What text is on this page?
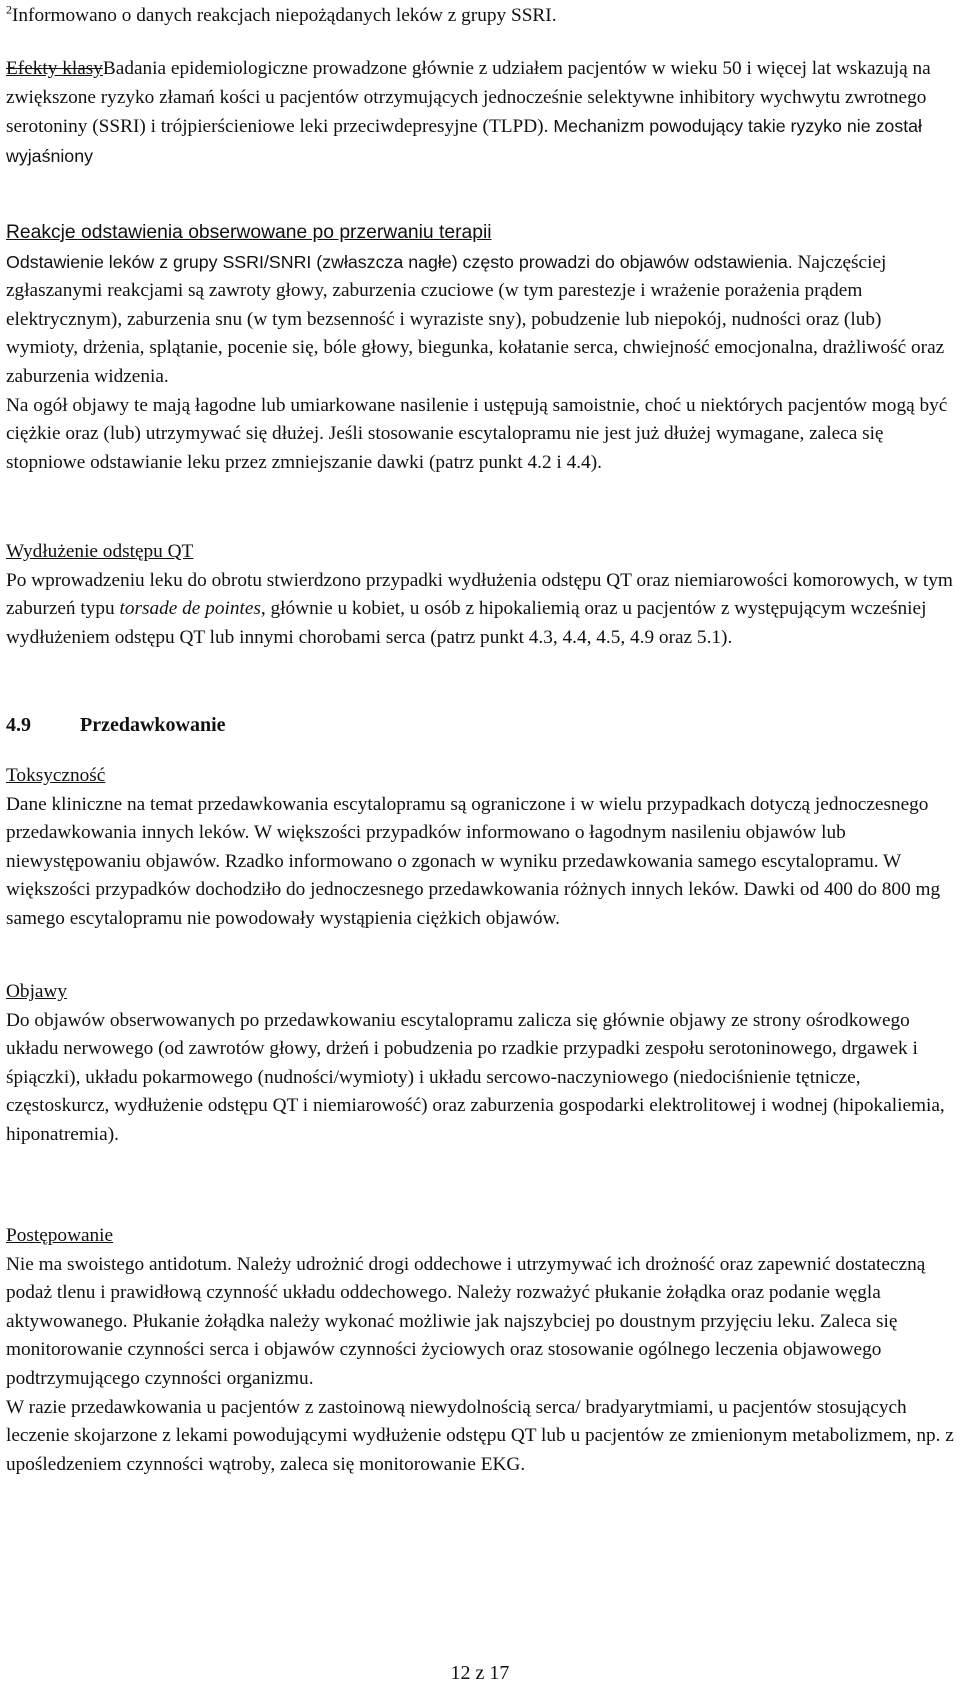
$^2$Informowano o danych reakcjach niepożądanych leków z grupy SSRI.

Efekty klasyBadania epidemiologiczne prowadzone głównie z udziałem pacjentów w wieku 50 i więcej lat wskazują na zwiększone ryzyko złamań kości u pacjentów otrzymujących jednocześnie selektywne inhibitory wychwytu zwrotnego serotoniny (SSRI) i trójpierścieniowe leki przeciwdepresyjne (TLPD). Mechanizm powodujący takie ryzyko nie został wyjaśniony

Reakcje odstawienia obserwowane po przerwaniu terapii
Odstawienie leków z grupy SSRI/SNRI (zwłaszcza nagłe) często prowadzi do objawów odstawienia. Najczęściej zgłaszanymi reakcjami są zawroty głowy, zaburzenia czuciowe (w tym parestezje i wrażenie porażenia prądem elektrycznym), zaburzenia snu (w tym bezsenność i wyraziste sny), pobudzenie lub niepokój, nudności oraz (lub) wymioty, drżenia, splątanie, pocenie się, bóle głowy, biegunka, kołatanie serca, chwiejność emocjonalna, drażliwość oraz zaburzenia widzenia.
Na ogół objawy te mają łagodne lub umiarkowane nasilenie i ustępują samoistnie, choć u niektórych pacjentów mogą być ciężkie oraz (lub) utrzymywać się dłużej. Jeśli stosowanie escytalopramu nie jest już dłużej wymagane, zaleca się stopniowe odstawianie leku przez zmniejszanie dawki (patrz punkt 4.2 i 4.4).

Wydłużenie odstępu QT
Po wprowadzeniu leku do obrotu stwierdzono przypadki wydłużenia odstępu QT oraz niemiarowości komorowych, w tym zaburzeń typu torsade de pointes, głównie u kobiet, u osób z hipokaliemią oraz u pacjentów z występującym wcześniej wydłużeniem odstępu QT lub innymi chorobami serca (patrz punkt 4.3, 4.4, 4.5, 4.9 oraz 5.1).

4.9 Przedawkowanie

Toksyczność
Dane kliniczne na temat przedawkowania escytalopramu są ograniczone i w wielu przypadkach dotyczą jednoczesnego przedawkowania innych leków. W większości przypadków informowano o łagodnym nasileniu objawów lub niewystępowaniu objawów. Rzadko informowano o zgonach w wyniku przedawkowania samego escytalopramu. W większości przypadków dochodziło do jednoczesnego przedawkowania różnych innych leków. Dawki od 400 do 800 mg samego escytalopramu nie powodowały wystąpienia ciężkich objawów.

Objawy
Do objawów obserwowanych po przedawkowaniu escytalopramu zalicza się głównie objawy ze strony ośrodkowego układu nerwowego (od zawrotów głowy, drżeń i pobudzenia po rzadkie przypadki zespołu serotoninowego, drgawek i śpiączki), układu pokarmowego (nudności/wymioty) i układu sercowo-naczyniowego (niedociśnienie tętnicze, częstoskurcz, wydłużenie odstępu QT i niemiarowość) oraz zaburzenia gospodarki elektrolitowej i wodnej (hipokaliemia, hiponatremia).

Postępowanie
Nie ma swoistego antidotum. Należy udrożnić drogi oddechowe i utrzymywać ich drożność oraz zapewnić dostateczną podaż tlenu i prawidłową czynność układu oddechowego. Należy rozważyć płukanie żołądka oraz podanie węgla aktywowanego. Płukanie żołądka należy wykonać możliwie jak najszybciej po doustnym przyjęciu leku. Zaleca się monitorowanie czynności serca i objawów czynności życiowych oraz stosowanie ogólnego leczenia objawowego podtrzymującego czynności organizmu.
W razie przedawkowania u pacjentów z zastoinową niewydolnością serca/ bradyarytmiami, u pacjentów stosujących leczenie skojarzone z lekami powodującymi wydłużenie odstępu QT lub u pacjentów ze zmienionym metabolizmem, np. z upośledzeniem czynności wątroby, zaleca się monitorowanie EKG.

12 z 17
